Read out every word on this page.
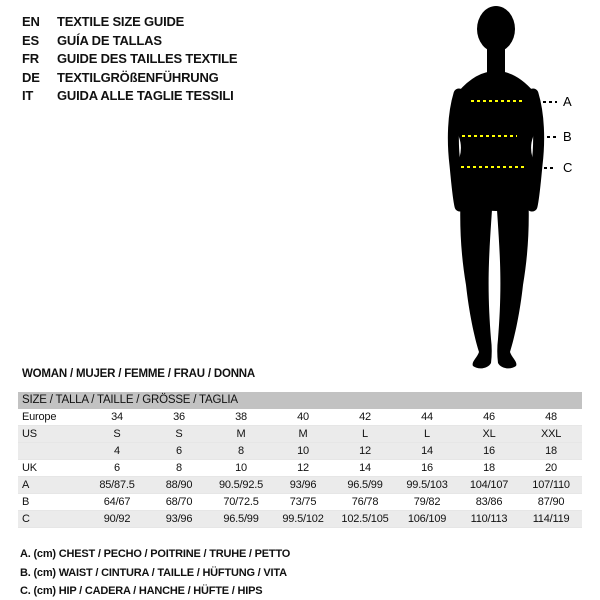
EN TEXTILE SIZE GUIDE
ES GUÍA DE TALLAS
FR GUIDE DES TAILLES TEXTILE
DE TEXTILGRÖßENFÜHRUNG
IT GUIDA ALLE TAGLIE TESSILI	A
B
C
WOMAN / MUJER / FEMME / FRAU / DONNA
SIZE / TALLA / TAILLE / GRÖSSE / TAGLIA								
Europe	34	36	38	40	42	44	46	48
US	S	S	M	M	L	L	XL	XXL
	4	6	8	10	12	14	16	18
UK	6	8	10	12	14	16	18	20
A	85/87.5	88/90	90.5/92.5	93/96	96.5/99	99.5/103	104/107	107/110
B	64/67	68/70	70/72.5	73/75	76/78	79/82	83/86	87/90
C	90/92	93/96	96.5/99	99.5/102	102.5/105	106/109	110/113	114/119
A. (cm) CHEST / PECHO / POITRINE / TRUHE / PETTO
B. (cm) WAIST / CINTURA / TAILLE / HÜFTUNG / VITA
C. (cm) HIP / CADERA / HANCHE / HÜFTE / HIPS
